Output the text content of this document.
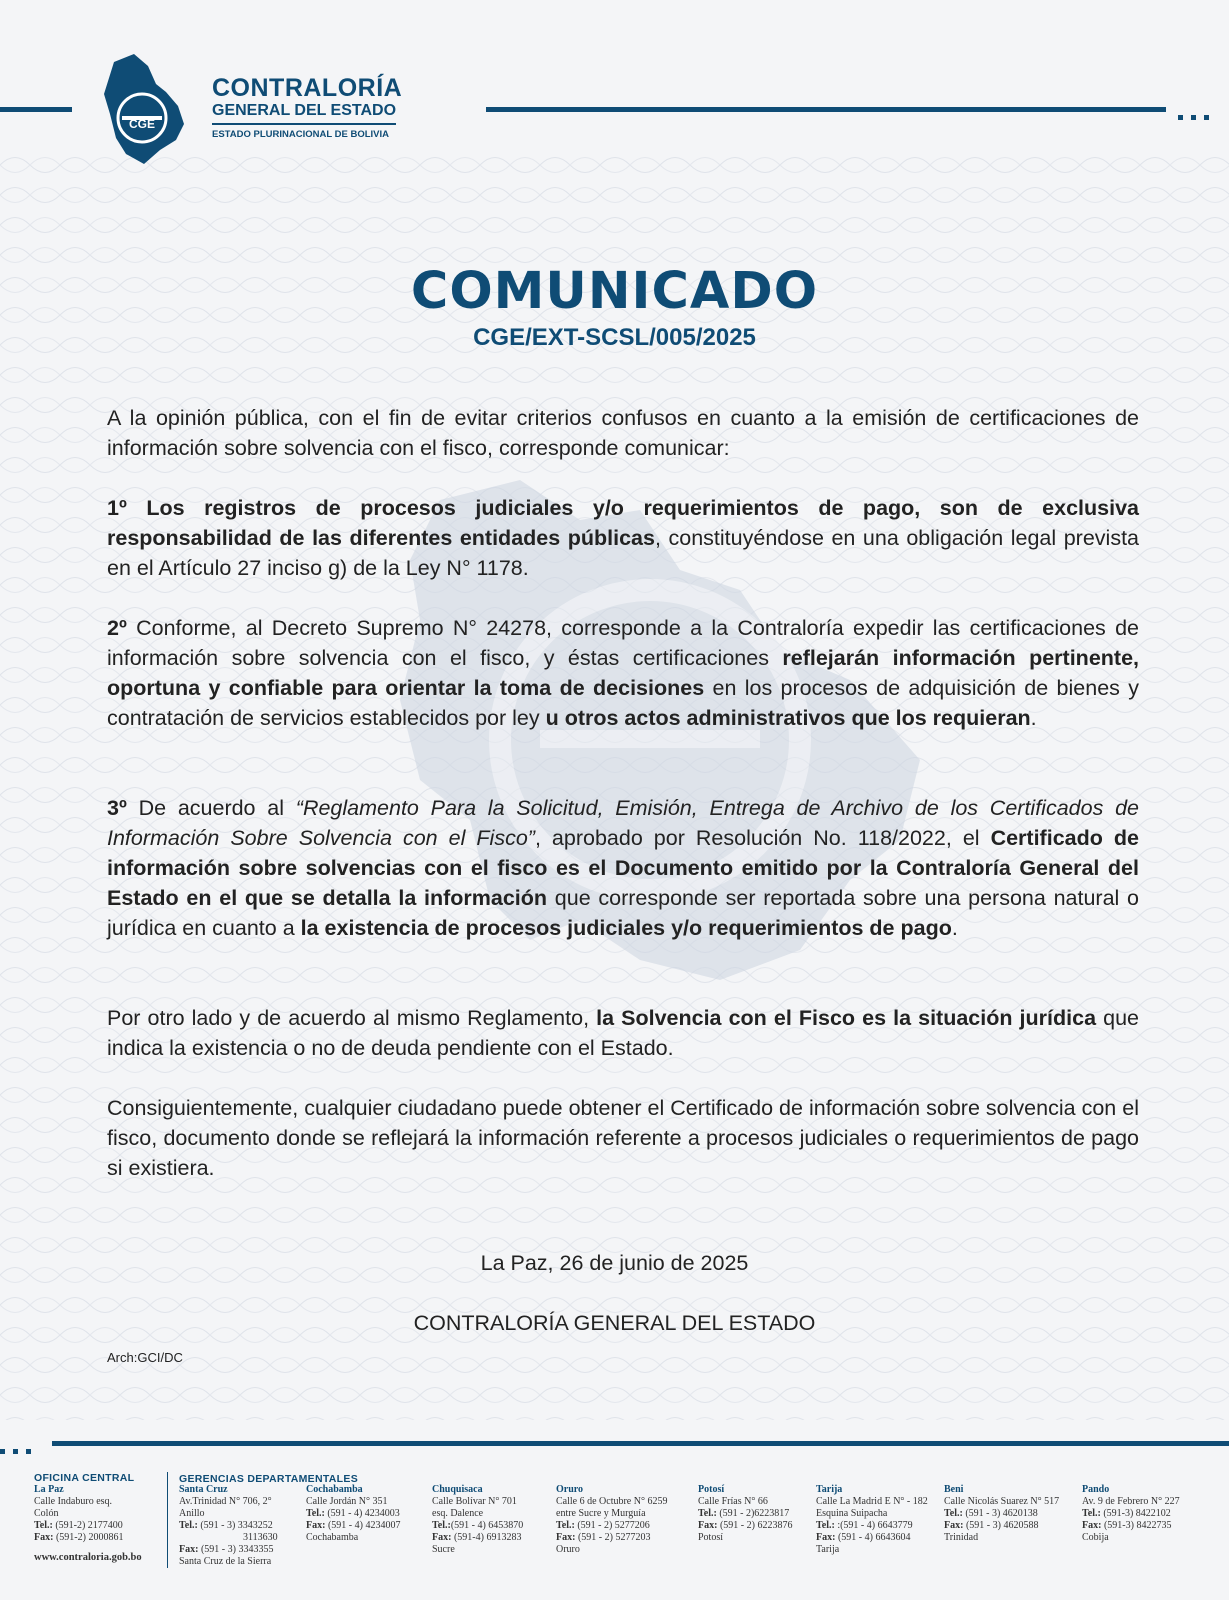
CGE
CONTRALORÍA
GENERAL DEL ESTADO
ESTADO PLURINACIONAL DE BOLIVIA
COMUNICADO
CGE/EXT-SCSL/005/2025

A la opinión pública, con el fin de evitar criterios confusos en cuanto a la emisión de certificaciones de información sobre solvencia con el fisco, corresponde comunicar:

1º Los registros de procesos judiciales y/o requerimientos de pago, son de exclusiva responsabilidad de las diferentes entidades públicas, constituyéndose en una obligación legal prevista en el Artículo 27 inciso g) de la Ley N° 1178.

2º Conforme, al Decreto Supremo N° 24278, corresponde a la Contraloría expedir las certificaciones de información sobre solvencia con el fisco, y éstas certificaciones reflejarán información pertinente, oportuna y confiable para orientar la toma de decisiones en los procesos de adquisición de bienes y contratación de servicios establecidos por ley u otros actos administrativos que los requieran.

3º De acuerdo al “Reglamento Para la Solicitud, Emisión, Entrega de Archivo de los Certificados de Información Sobre Solvencia con el Fisco”, aprobado por Resolución No. 118/2022, el Certificado de información sobre solvencias con el fisco es el Documento emitido por la Contraloría General del Estado en el que se detalla la información que corresponde ser reportada sobre una persona natural o jurídica en cuanto a la existencia de procesos judiciales y/o requerimientos de pago.

Por otro lado y de acuerdo al mismo Reglamento, la Solvencia con el Fisco es la situación jurídica que indica la existencia o no de deuda pendiente con el Estado.

Consiguientemente, cualquier ciudadano puede obtener el Certificado de información sobre solvencia con el fisco, documento donde se reflejará la información referente a procesos judiciales o requerimientos de pago si existiera.

La Paz, 26 de junio de 2025
CONTRALORÍA GENERAL DEL ESTADO
Arch:GCI/DC
OFICINA CENTRAL
La Paz
Calle Indaburo esq.
Colón
Tel.: (591-2) 2177400
Fax: (591-2) 2000861
www.contraloria.gob.bo
GERENCIAS DEPARTAMENTALES
Santa Cruz
Av.Trinidad N° 706, 2°
Anillo
Tel.: (591 - 3) 3343252
3113630
Fax: (591 - 3) 3343355
Santa Cruz de la Sierra
Cochabamba
Calle Jordán N° 351
Tel.: (591 - 4) 4234003
Fax: (591 - 4) 4234007
Cochabamba
Chuquisaca
Calle Bolívar N° 701
esq. Dalence
Tel.:(591 - 4) 6453870
Fax: (591-4) 6913283
Sucre
Oruro
Calle 6 de Octubre N° 6259
entre Sucre y Murguía
Tel.: (591 - 2) 5277206
Fax: (591 - 2) 5277203
Oruro
Potosí
Calle Frías N° 66
Tel.: (591 - 2)6223817
Fax: (591 - 2) 6223876
Potosí
Tarija
Calle La Madrid E N° - 182
Esquina Suipacha
Tel.: :(591 - 4) 6643779
Fax: (591 - 4) 6643604
Tarija
Beni
Calle Nicolás Suarez N° 517
Tel.: (591 - 3) 4620138
Fax: (591 - 3) 4620588
Trinidad
Pando
Av. 9 de Febrero N° 227
Tel.: (591-3) 8422102
Fax: (591-3) 8422735
Cobija
